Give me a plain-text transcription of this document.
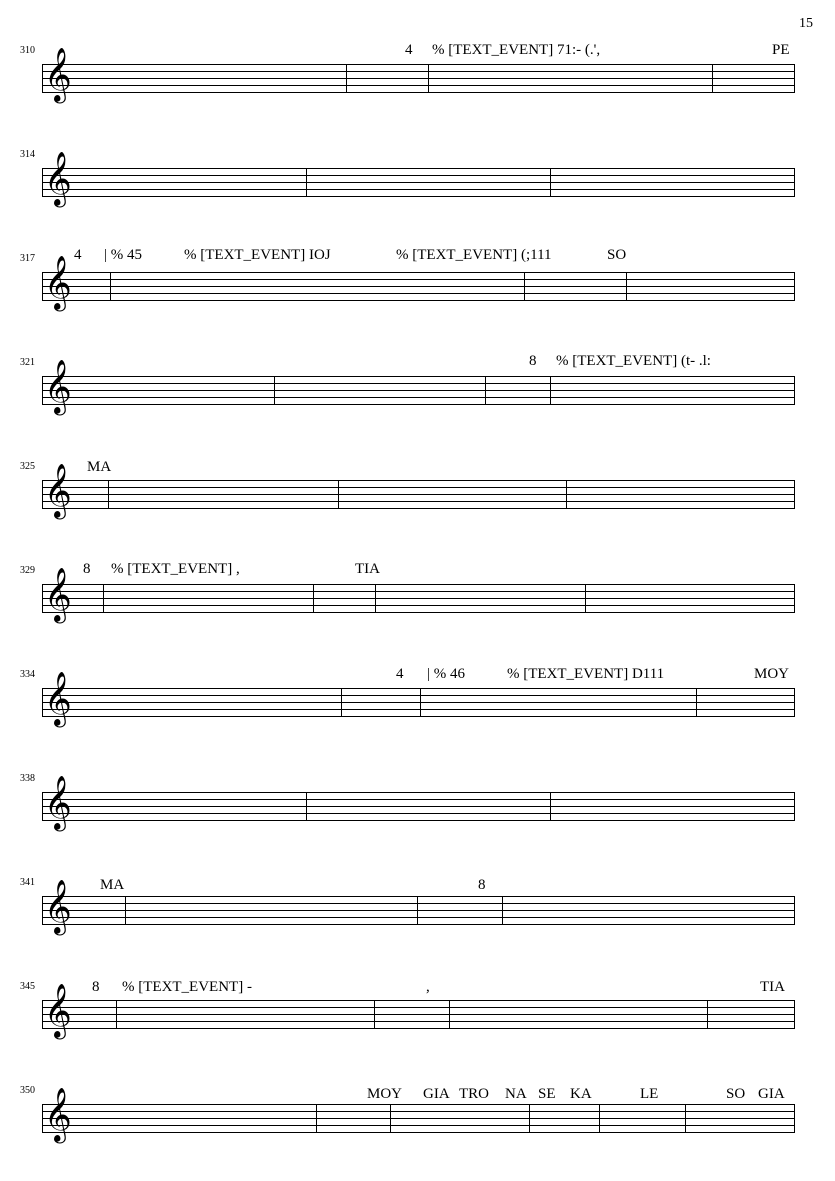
15
310 𝄞	4 % [TEXT_EVENT] 71:- (.',	PE
314 𝄞
317 𝄞 4 | % 45	% [TEXT_EVENT] IOJ	% [TEXT_EVENT] (;111	SO
321 𝄞	8 % [TEXT_EVENT] (t- .l:
325 𝄞 MA
329 𝄞 8 % [TEXT_EVENT] ,	TIA
334 𝄞	4 | % 46	% [TEXT_EVENT] D111	MOY
338 𝄞
341 𝄞 MA	8
345 𝄞 8 % [TEXT_EVENT] -	,	TIA
350 𝄞	MOY GIA TRO NA SE KA	LE	SO GIA
